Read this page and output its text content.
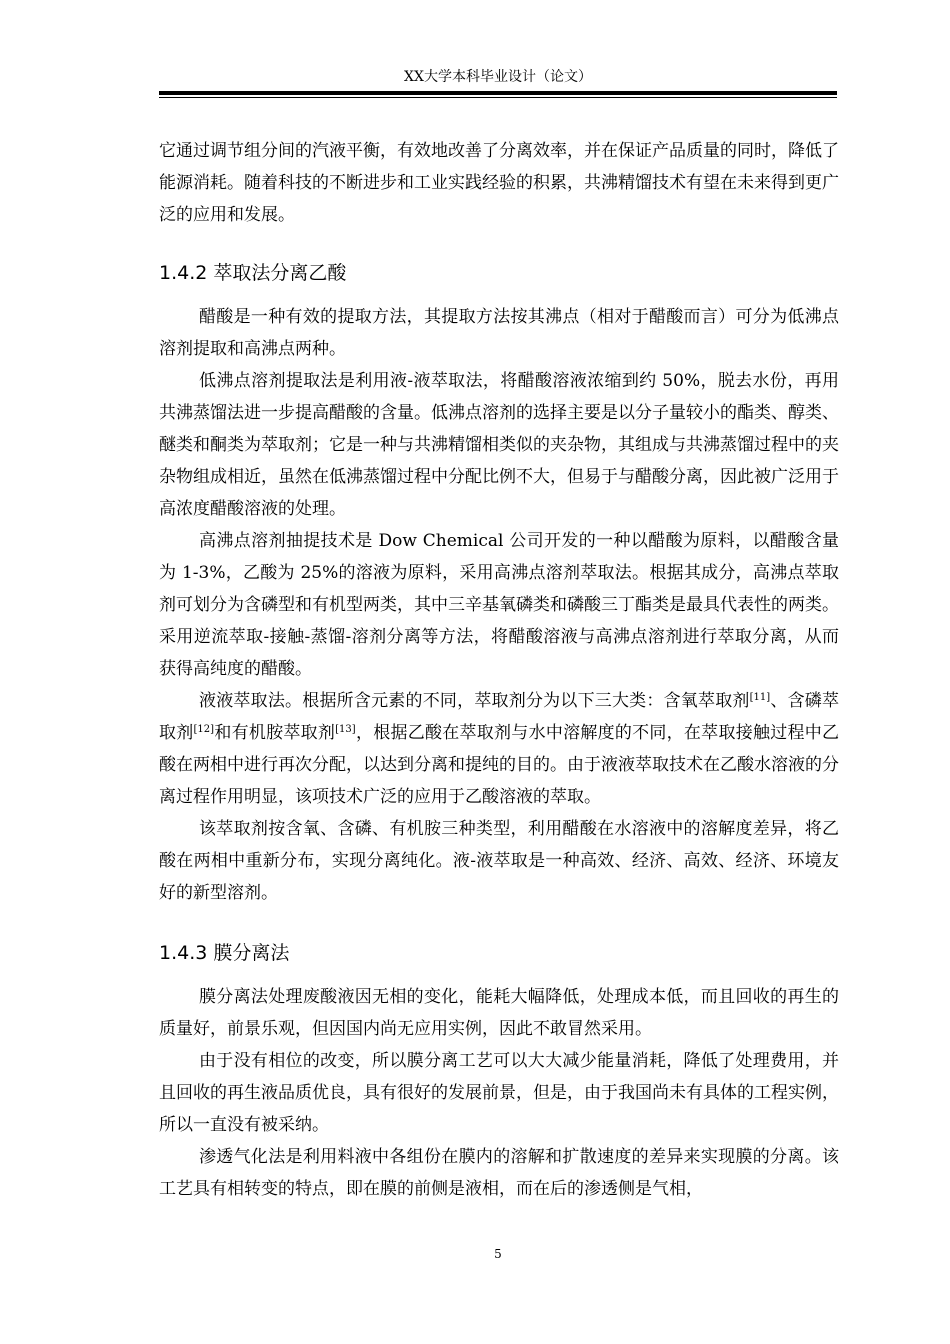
XX大学本科毕业设计（论文）

它通过调节组分间的汽液平衡，有效地改善了分离效率，并在保证产品质量的同时，降低了能源消耗。随着科技的不断进步和工业实践经验的积累，共沸精馏技术有望在未来得到更广泛的应用和发展。

1.4.2 萃取法分离乙酸

醋酸是一种有效的提取方法，其提取方法按其沸点（相对于醋酸而言）可分为低沸点溶剂提取和高沸点两种。

低沸点溶剂提取法是利用液-液萃取法，将醋酸溶液浓缩到约 50%，脱去水份，再用共沸蒸馏法进一步提高醋酸的含量。低沸点溶剂的选择主要是以分子量较小的酯类、醇类、醚类和酮类为萃取剂；它是一种与共沸精馏相类似的夹杂物，其组成与共沸蒸馏过程中的夹杂物组成相近，虽然在低沸蒸馏过程中分配比例不大，但易于与醋酸分离，因此被广泛用于高浓度醋酸溶液的处理。

高沸点溶剂抽提技术是 Dow Chemical 公司开发的一种以醋酸为原料，以醋酸含量为 1-3%，乙酸为 25%的溶液为原料，采用高沸点溶剂萃取法。根据其成分，高沸点萃取剂可划分为含磷型和有机型两类，其中三辛基氧磷类和磷酸三丁酯类是最具代表性的两类。采用逆流萃取-接触-蒸馏-溶剂分离等方法，将醋酸溶液与高沸点溶剂进行萃取分离，从而获得高纯度的醋酸。

液液萃取法。根据所含元素的不同，萃取剂分为以下三大类：含氧萃取剂[11]、含磷萃取剂[12]和有机胺萃取剂[13]，根据乙酸在萃取剂与水中溶解度的不同，在萃取接触过程中乙酸在两相中进行再次分配，以达到分离和提纯的目的。由于液液萃取技术在乙酸水溶液的分离过程作用明显，该项技术广泛的应用于乙酸溶液的萃取。

该萃取剂按含氧、含磷、有机胺三种类型，利用醋酸在水溶液中的溶解度差异，将乙酸在两相中重新分布，实现分离纯化。液-液萃取是一种高效、经济、高效、经济、环境友好的新型溶剂。

1.4.3 膜分离法

膜分离法处理废酸液因无相的变化，能耗大幅降低，处理成本低，而且回收的再生的质量好，前景乐观，但因国内尚无应用实例，因此不敢冒然采用。

由于没有相位的改变，所以膜分离工艺可以大大减少能量消耗，降低了处理费用，并且回收的再生液品质优良，具有很好的发展前景，但是，由于我国尚未有具体的工程实例，所以一直没有被采纳。

渗透气化法是利用料液中各组份在膜内的溶解和扩散速度的差异来实现膜的分离。该工艺具有相转变的特点，即在膜的前侧是液相，而在后的渗透侧是气相，

5
